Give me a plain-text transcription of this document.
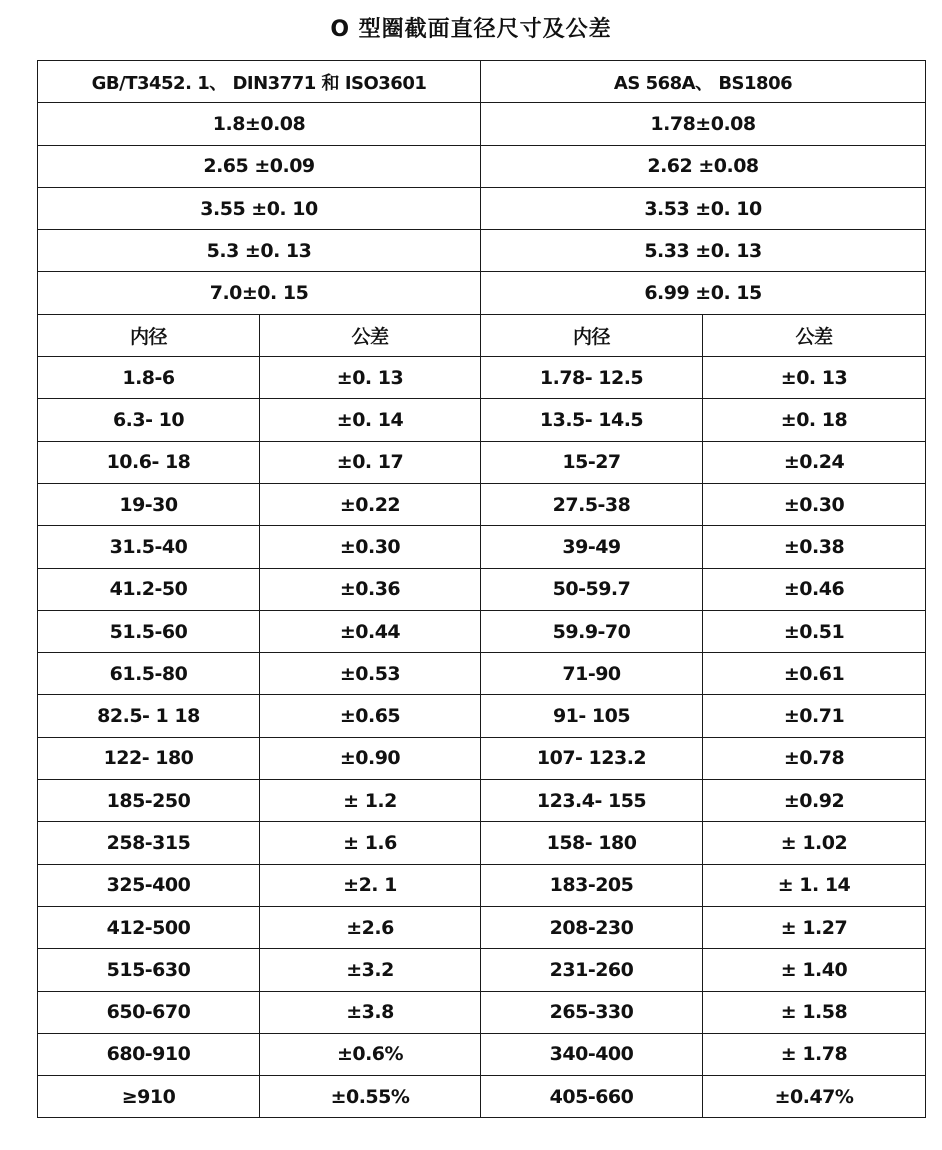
O 型圈截面直径尺寸及公差
GB/T3452. 1、 DIN3771 和 ISO3601		AS 568A、 BS1806	
1.8±0.08		1.78±0.08	
2.65 ±0.09		2.62 ±0.08	
3.55 ±0. 10		3.53 ±0. 10	
5.3 ±0. 13		5.33 ±0. 13	
7.0±0. 15		6.99 ±0. 15	
内径	公差	内径	公差
1.8-6	±0. 13	1.78- 12.5	±0. 13
6.3- 10	±0. 14	13.5- 14.5	±0. 18
10.6- 18	±0. 17	15-27	±0.24
19-30	±0.22	27.5-38	±0.30
31.5-40	±0.30	39-49	±0.38
41.2-50	±0.36	50-59.7	±0.46
51.5-60	±0.44	59.9-70	±0.51
61.5-80	±0.53	71-90	±0.61
82.5- 1 18	±0.65	91- 105	±0.71
122- 180	±0.90	107- 123.2	±0.78
185-250	± 1.2	123.4- 155	±0.92
258-315	± 1.6	158- 180	± 1.02
325-400	±2. 1	183-205	± 1. 14
412-500	±2.6	208-230	± 1.27
515-630	±3.2	231-260	± 1.40
650-670	±3.8	265-330	± 1.58
680-910	±0.6%	340-400	± 1.78
≥910	±0.55%	405-660	±0.47%
